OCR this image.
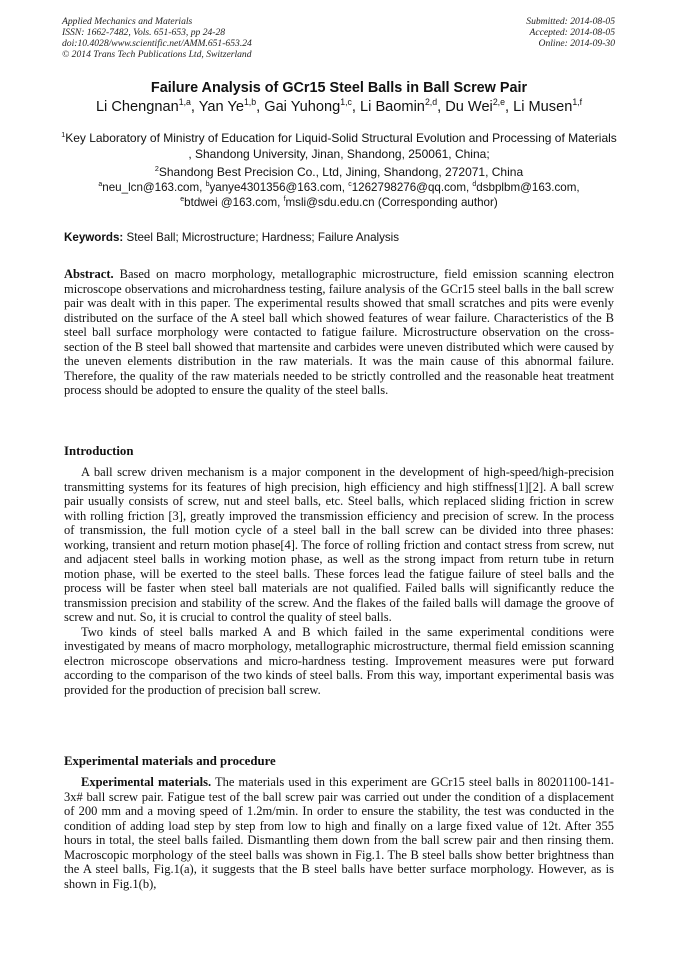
Applied Mechanics and Materials
ISSN: 1662-7482, Vols. 651-653, pp 24-28
doi:10.4028/www.scientific.net/AMM.651-653.24
© 2014 Trans Tech Publications Ltd, Switzerland
Submitted: 2014-08-05
Accepted: 2014-08-05
Online: 2014-09-30
Failure Analysis of GCr15 Steel Balls in Ball Screw Pair
Li Chengnan$^{1,a}$, Yan Ye$^{1,b}$, Gai Yuhong$^{1,c}$, Li Baomin$^{2,d}$, Du Wei$^{2,e}$, Li Musen$^{1,f}$
$^1$Key Laboratory of Ministry of Education for Liquid-Solid Structural Evolution and Processing of Materials , Shandong University, Jinan, Shandong, 250061, China;
$^2$Shandong Best Precision Co., Ltd, Jining, Shandong, 272071, China
$^a$neu_lcn@163.com, $^b$yanye4301356@163.com, $^c$1262798276@qq.com, $^d$dsbplbm@163.com,
$^e$btdwei @163.com, $^f$msli@sdu.edu.cn (Corresponding author)
Keywords: Steel Ball; Microstructure; Hardness; Failure Analysis

Abstract. Based on macro morphology, metallographic microstructure, field emission scanning electron microscope observations and microhardness testing, failure analysis of the GCr15 steel balls in the ball screw pair was dealt with in this paper. The experimental results showed that small scratches and pits were evenly distributed on the surface of the A steel ball which showed features of wear failure. Characteristics of the B steel ball surface morphology were contacted to fatigue failure. Microstructure observation on the cross-section of the B steel ball showed that martensite and carbides were uneven distributed which were caused by the uneven elements distribution in the raw materials. It was the main cause of this abnormal failure. Therefore, the quality of the raw materials needed to be strictly controlled and the reasonable heat treatment process should be adopted to ensure the quality of the steel balls.

Introduction

A ball screw driven mechanism is a major component in the development of high-speed/high-precision transmitting systems for its features of high precision, high efficiency and high stiffness[1][2]. A ball screw pair usually consists of screw, nut and steel balls, etc. Steel balls, which replaced sliding friction in screw with rolling friction [3], greatly improved the transmission efficiency and precision of screw. In the process of transmission, the full motion cycle of a steel ball in the ball screw can be divided into three phases: working, transient and return motion phase[4]. The force of rolling friction and contact stress from screw, nut and adjacent steel balls in working motion phase, as well as the strong impact from return tube in return motion phase, will be exerted to the steel balls. These forces lead the fatigue failure of steel balls and the process will be faster when steel ball materials are not qualified. Failed balls will significantly reduce the transmission precision and stability of the screw. And the flakes of the failed balls will damage the groove of screw and nut. So, it is crucial to control the quality of steel balls.

Two kinds of steel balls marked A and B which failed in the same experimental conditions were investigated by means of macro morphology, metallographic microstructure, thermal field emission scanning electron microscope observations and micro-hardness testing. Improvement measures were put forward according to the comparison of the two kinds of steel balls. From this way, important experimental basis was provided for the production of precision ball screw.

Experimental materials and procedure

Experimental materials. The materials used in this experiment are GCr15 steel balls in 80201100-141-3x# ball screw pair. Fatigue test of the ball screw pair was carried out under the condition of a displacement of 200 mm and a moving speed of 1.2m/min. In order to ensure the stability, the test was conducted in the condition of adding load step by step from low to high and finally on a large fixed value of 12t. After 355 hours in total, the steel balls failed. Dismantling them down from the ball screw pair and then rinsing them. Macroscopic morphology of the steel balls was shown in Fig.1. The B steel balls show better brightness than the A steel balls, Fig.1(a), it suggests that the B steel balls have better surface morphology. However, as is shown in Fig.1(b),
